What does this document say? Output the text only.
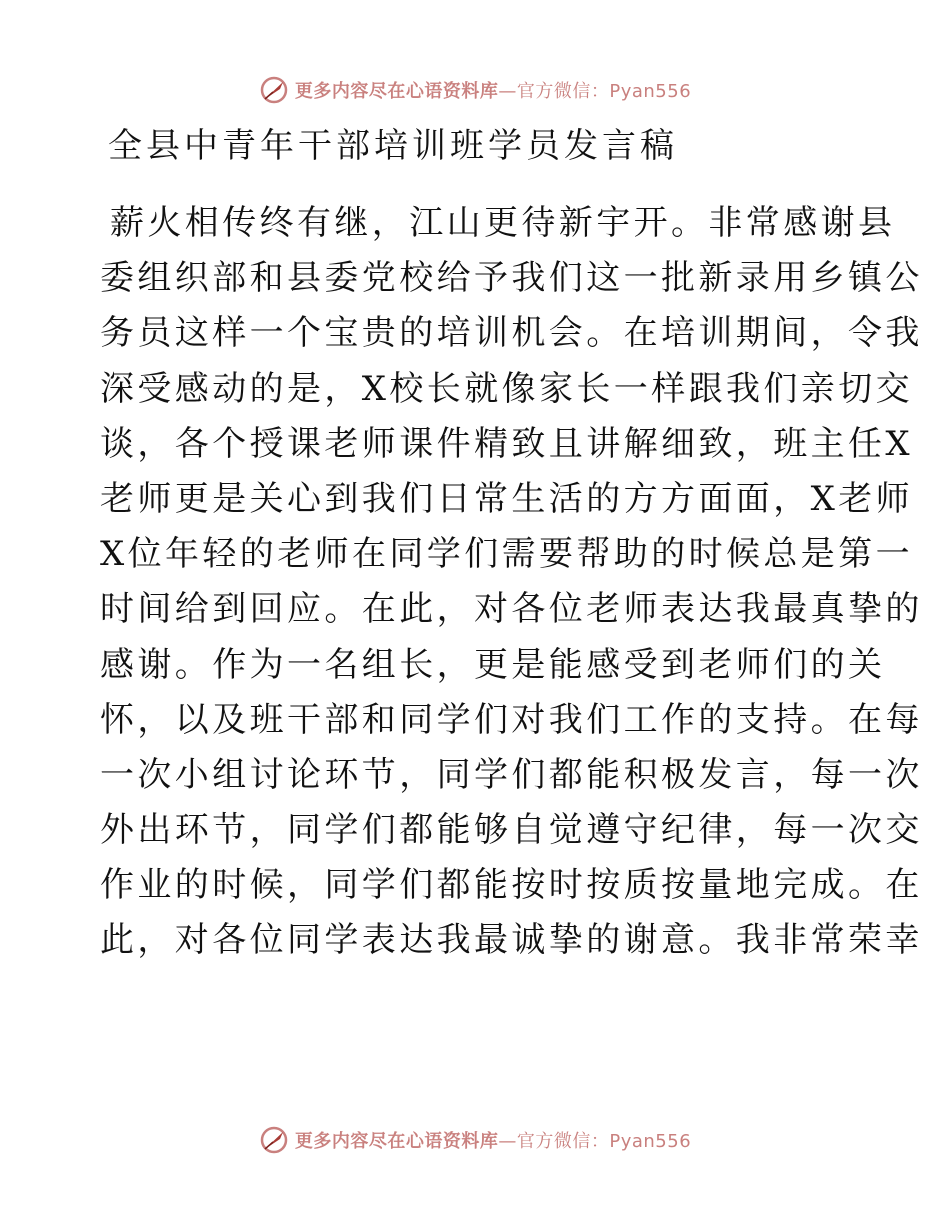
更多内容尽在心语资料库—官方微信：Pyan556
全县中青年干部培训班学员发言稿
薪火相传终有继，江山更待新宇开。非常感谢县
委组织部和县委党校给予我们这一批新录用乡镇公
务员这样一个宝贵的培训机会。在培训期间，令我
深受感动的是，X校长就像家长一样跟我们亲切交
谈，各个授课老师课件精致且讲解细致，班主任X
老师更是关心到我们日常生活的方方面面，X老师
X位年轻的老师在同学们需要帮助的时候总是第一
时间给到回应。在此，对各位老师表达我最真挚的
感谢。作为一名组长，更是能感受到老师们的关
怀，以及班干部和同学们对我们工作的支持。在每
一次小组讨论环节，同学们都能积极发言，每一次
外出环节，同学们都能够自觉遵守纪律，每一次交
作业的时候，同学们都能按时按质按量地完成。在
此，对各位同学表达我最诚挚的谢意。我非常荣幸
更多内容尽在心语资料库—官方微信：Pyan556
